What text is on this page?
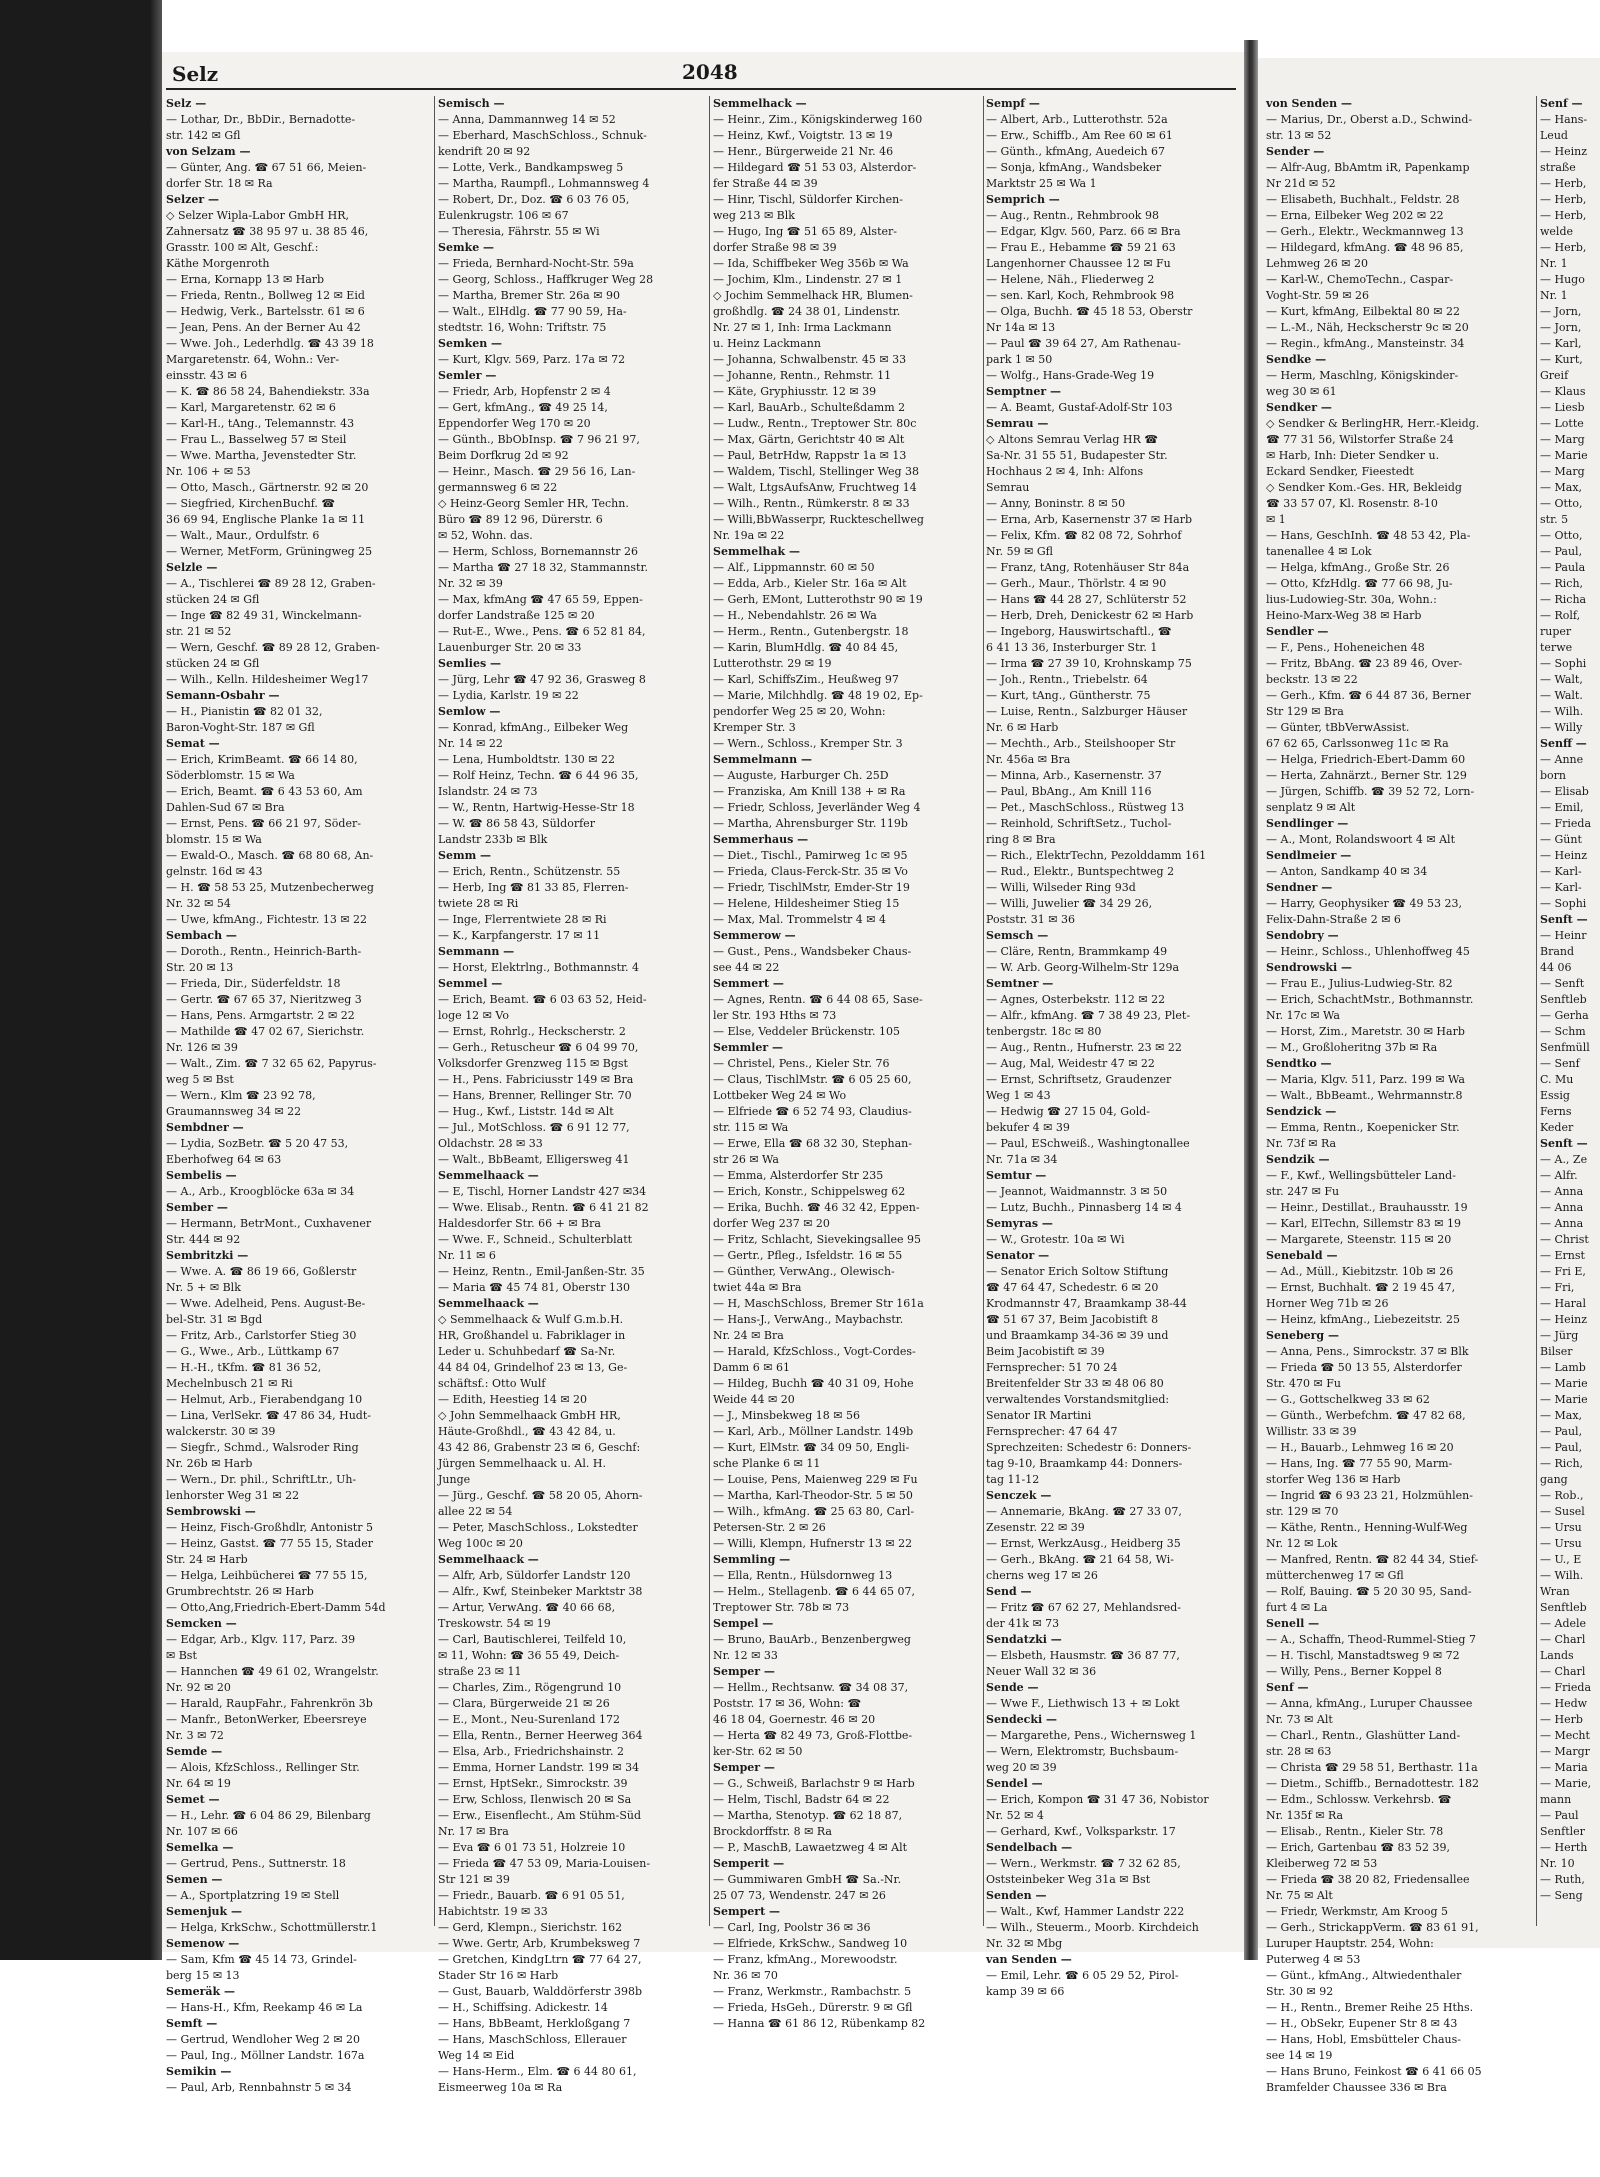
Selz	2048
Selz —
— Lothar, Dr., BbDir., Bernadotte-
str. 142 ✉ Gfl
von Selzam —
— Günter, Ang. ☎ 67 51 66, Meien-
dorfer Str. 18 ✉ Ra
Selzer —
◇ Selzer Wipla-Labor GmbH HR,
Zahnersatz ☎ 38 95 97 u. 38 85 46,
Grasstr. 100 ✉ Alt, Geschf.:
Käthe Morgenroth
— Erna, Kornapp 13 ✉ Harb
— Frieda, Rentn., Bollweg 12 ✉ Eid
— Hedwig, Verk., Bartelsstr. 61 ✉ 6
— Jean, Pens. An der Berner Au 42
— Wwe. Joh., Lederhdlg. ☎ 43 39 18
Margaretenstr. 64, Wohn.: Ver-
einsstr. 43 ✉ 6
— K. ☎ 86 58 24, Bahendiekstr. 33a
— Karl, Margaretenstr. 62 ✉ 6
— Karl-H., tAng., Telemannstr. 43
— Frau L., Basselweg 57 ✉ Steil
— Wwe. Martha, Jevenstedter Str.
Nr. 106 + ✉ 53
— Otto, Masch., Gärtnerstr. 92 ✉ 20
— Siegfried, KirchenBuchf. ☎
36 69 94, Englische Planke 1a ✉ 11
— Walt., Maur., Ordulfstr. 6
— Werner, MetForm, Grüningweg 25
Selzle —
— A., Tischlerei ☎ 89 28 12, Graben-
stücken 24 ✉ Gfl
— Inge ☎ 82 49 31, Winckelmann-
str. 21 ✉ 52
— Wern, Geschf. ☎ 89 28 12, Graben-
stücken 24 ✉ Gfl
— Wilh., Kelln. Hildesheimer Weg17
Semann-Osbahr —
— H., Pianistin ☎ 82 01 32,
Baron-Voght-Str. 187 ✉ Gfl
Semat —
— Erich, KrimBeamt. ☎ 66 14 80,
Söderblomstr. 15 ✉ Wa
— Erich, Beamt. ☎ 6 43 53 60, Am
Dahlen-Sud 67 ✉ Bra
— Ernst, Pens. ☎ 66 21 97, Söder-
blomstr. 15 ✉ Wa
— Ewald-O., Masch. ☎ 68 80 68, An-
gelnstr. 16d ✉ 43
— H. ☎ 58 53 25, Mutzenbecherweg
Nr. 32 ✉ 54
— Uwe, kfmAng., Fichtestr. 13 ✉ 22
Sembach —
— Doroth., Rentn., Heinrich-Barth-
Str. 20 ✉ 13
— Frieda, Dir., Süderfeldstr. 18
— Gertr. ☎ 67 65 37, Nieritzweg 3
— Hans, Pens. Armgartstr. 2 ✉ 22
— Mathilde ☎ 47 02 67, Sierichstr.
Nr. 126 ✉ 39
— Walt., Zim. ☎ 7 32 65 62, Papyrus-
weg 5 ✉ Bst
— Wern., Klm ☎ 23 92 78,
Graumannsweg 34 ✉ 22
Sembdner —
— Lydia, SozBetr. ☎ 5 20 47 53,
Eberhofweg 64 ✉ 63
Sembelis —
— A., Arb., Kroogblöcke 63a ✉ 34
Sember —
— Hermann, BetrMont., Cuxhavener
Str. 444 ✉ 92
Sembritzki —
— Wwe. A. ☎ 86 19 66, Goßlerstr
Nr. 5 + ✉ Blk
— Wwe. Adelheid, Pens. August-Be-
bel-Str. 31 ✉ Bgd
— Fritz, Arb., Carlstorfer Stieg 30
— G., Wwe., Arb., Lüttkamp 67
— H.-H., tKfm. ☎ 81 36 52,
Mechelnbusch 21 ✉ Ri
— Helmut, Arb., Fierabendgang 10
— Lina, VerlSekr. ☎ 47 86 34, Hudt-
walckerstr. 30 ✉ 39
— Siegfr., Schmd., Walsroder Ring
Nr. 26b ✉ Harb
— Wern., Dr. phil., SchriftLtr., Uh-
lenhorster Weg 31 ✉ 22
Sembrowski —
— Heinz, Fisch-Großhdlr, Antonistr 5
— Heinz, Gastst. ☎ 77 55 15, Stader
Str. 24 ✉ Harb
— Helga, Leihbücherei ☎ 77 55 15,
Grumbrechtstr. 26 ✉ Harb
— Otto,Ang,Friedrich-Ebert-Damm 54d
Semcken —
— Edgar, Arb., Klgv. 117, Parz. 39
✉ Bst
— Hannchen ☎ 49 61 02, Wrangelstr.
Nr. 92 ✉ 20
— Harald, RaupFahr., Fahrenkrön 3b
— Manfr., BetonWerker, Ebeersreye
Nr. 3 ✉ 72
Semde —
— Alois, KfzSchloss., Rellinger Str.
Nr. 64 ✉ 19
Semet —
— H., Lehr. ☎ 6 04 86 29, Bilenbarg
Nr. 107 ✉ 66
Semelka —
— Gertrud, Pens., Suttnerstr. 18
Semen —
— A., Sportplatzring 19 ✉ Stell
Semenjuk —
— Helga, KrkSchw., Schottmüllerstr.1
Semenow —
— Sam, Kfm ☎ 45 14 73, Grindel-
berg 15 ✉ 13
Semeräk —
— Hans-H., Kfm, Reekamp 46 ✉ La
Semft —
— Gertrud, Wendloher Weg 2 ✉ 20
— Paul, Ing., Möllner Landstr. 167a
Semikin —
— Paul, Arb, Rennbahnstr 5 ✉ 34
Semisch —
— Anna, Dammannweg 14 ✉ 52
— Eberhard, MaschSchloss., Schnuk-
kendrift 20 ✉ 92
— Lotte, Verk., Bandkampsweg 5
— Martha, Raumpfl., Lohmannsweg 4
— Robert, Dr., Doz. ☎ 6 03 76 05,
Eulenkrugstr. 106 ✉ 67
— Theresia, Fährstr. 55 ✉ Wi
Semke —
— Frieda, Bernhard-Nocht-Str. 59a
— Georg, Schloss., Haffkruger Weg 28
— Martha, Bremer Str. 26a ✉ 90
— Walt., ElHdlg. ☎ 77 90 59, Ha-
stedtstr. 16, Wohn: Triftstr. 75
Semken —
— Kurt, Klgv. 569, Parz. 17a ✉ 72
Semler —
— Friedr, Arb, Hopfenstr 2 ✉ 4
— Gert, kfmAng., ☎ 49 25 14,
Eppendorfer Weg 170 ✉ 20
— Günth., BbObInsp. ☎ 7 96 21 97,
Beim Dorfkrug 2d ✉ 92
— Heinr., Masch. ☎ 29 56 16, Lan-
germannsweg 6 ✉ 22
◇ Heinz-Georg Semler HR, Techn.
Büro ☎ 89 12 96, Dürerstr. 6
✉ 52, Wohn. das.
— Herm, Schloss, Bornemannstr 26
— Martha ☎ 27 18 32, Stammannstr.
Nr. 32 ✉ 39
— Max, kfmAng ☎ 47 65 59, Eppen-
dorfer Landstraße 125 ✉ 20
— Rut-E., Wwe., Pens. ☎ 6 52 81 84,
Lauenburger Str. 20 ✉ 33
Semlies —
— Jürg, Lehr ☎ 47 92 36, Grasweg 8
— Lydia, Karlstr. 19 ✉ 22
Semlow —
— Konrad, kfmAng., Eilbeker Weg
Nr. 14 ✉ 22
— Lena, Humboldtstr. 130 ✉ 22
— Rolf Heinz, Techn. ☎ 6 44 96 35,
Islandstr. 24 ✉ 73
— W., Rentn, Hartwig-Hesse-Str 18
— W. ☎ 86 58 43, Süldorfer
Landstr 233b ✉ Blk
Semm —
— Erich, Rentn., Schützenstr. 55
— Herb, Ing ☎ 81 33 85, Flerren-
twiete 28 ✉ Ri
— Inge, Flerrentwiete 28 ✉ Ri
— K., Karpfangerstr. 17 ✉ 11
Semmann —
— Horst, Elektrlng., Bothmannstr. 4
Semmel —
— Erich, Beamt. ☎ 6 03 63 52, Heid-
loge 12 ✉ Vo
— Ernst, Rohrlg., Heckscherstr. 2
— Gerh., Retuscheur ☎ 6 04 99 70,
Volksdorfer Grenzweg 115 ✉ Bgst
— H., Pens. Fabriciusstr 149 ✉ Bra
— Hans, Brenner, Rellinger Str. 70
— Hug., Kwf., Liststr. 14d ✉ Alt
— Jul., MotSchloss. ☎ 6 91 12 77,
Oldachstr. 28 ✉ 33
— Walt., BbBeamt, Elligersweg 41
Semmelhaack —
— E, Tischl, Horner Landstr 427 ✉34
— Wwe. Elisab., Rentn. ☎ 6 41 21 82
Haldesdorfer Str. 66 + ✉ Bra
— Wwe. F., Schneid., Schulterblatt
Nr. 11 ✉ 6
— Heinz, Rentn., Emil-Janßen-Str. 35
— Maria ☎ 45 74 81, Oberstr 130
Semmelhaack —
◇ Semmelhaack & Wulf G.m.b.H.
HR, Großhandel u. Fabriklager in
Leder u. Schuhbedarf ☎ Sa-Nr.
44 84 04, Grindelhof 23 ✉ 13, Ge-
schäftsf.: Otto Wulf
— Edith, Heestieg 14 ✉ 20
◇ John Semmelhaack GmbH HR,
Häute-Großhdl., ☎ 43 42 84, u.
43 42 86, Grabenstr 23 ✉ 6, Geschf:
Jürgen Semmelhaack u. Al. H.
Junge
— Jürg., Geschf. ☎ 58 20 05, Ahorn-
allee 22 ✉ 54
— Peter, MaschSchloss., Lokstedter
Weg 100c ✉ 20
Semmelhaack —
— Alfr, Arb, Süldorfer Landstr 120
— Alfr., Kwf, Steinbeker Marktstr 38
— Artur, VerwAng. ☎ 40 66 68,
Treskowstr. 54 ✉ 19
— Carl, Bautischlerei, Teilfeld 10,
✉ 11, Wohn: ☎ 36 55 49, Deich-
straße 23 ✉ 11
— Charles, Zim., Rögengrund 10
— Clara, Bürgerweide 21 ✉ 26
— E., Mont., Neu-Surenland 172
— Ella, Rentn., Berner Heerweg 364
— Elsa, Arb., Friedrichshainstr. 2
— Emma, Horner Landstr. 199 ✉ 34
— Ernst, HptSekr., Simrockstr. 39
— Erw, Schloss, Ilenwisch 20 ✉ Sa
— Erw., Eisenflecht., Am Stühm-Süd
Nr. 17 ✉ Bra
— Eva ☎ 6 01 73 51, Holzreie 10
— Frieda ☎ 47 53 09, Maria-Louisen-
Str 121 ✉ 39
— Friedr., Bauarb. ☎ 6 91 05 51,
Habichtstr. 19 ✉ 33
— Gerd, Klempn., Sierichstr. 162
— Wwe. Gertr, Arb, Krumbeksweg 7
— Gretchen, KindgLtrn ☎ 77 64 27,
Stader Str 16 ✉ Harb
— Gust, Bauarb, Walddörferstr 398b
— H., Schiffsing. Adickestr. 14
— Hans, BbBeamt, Herkloßgang 7
— Hans, MaschSchloss, Ellerauer
Weg 14 ✉ Eid
— Hans-Herm., Elm. ☎ 6 44 80 61,
Eismeerweg 10a ✉ Ra
Semmelhack —
— Heinr., Zim., Königskinderweg 160
— Heinz, Kwf., Voigtstr. 13 ✉ 19
— Henr., Bürgerweide 21 Nr. 46
— Hildegard ☎ 51 53 03, Alsterdor-
fer Straße 44 ✉ 39
— Hinr, Tischl, Süldorfer Kirchen-
weg 213 ✉ Blk
— Hugo, Ing ☎ 51 65 89, Alster-
dorfer Straße 98 ✉ 39
— Ida, Schiffbeker Weg 356b ✉ Wa
— Jochim, Klm., Lindenstr. 27 ✉ 1
◇ Jochim Semmelhack HR, Blumen-
großhdlg. ☎ 24 38 01, Lindenstr.
Nr. 27 ✉ 1, Inh: Irma Lackmann
u. Heinz Lackmann
— Johanna, Schwalbenstr. 45 ✉ 33
— Johanne, Rentn., Rehmstr. 11
— Käte, Gryphiusstr. 12 ✉ 39
— Karl, BauArb., Schulteßdamm 2
— Ludw., Rentn., Treptower Str. 80c
— Max, Gärtn, Gerichtstr 40 ✉ Alt
— Paul, BetrHdw, Rappstr 1a ✉ 13
— Waldem, Tischl, Stellinger Weg 38
— Walt, LtgsAufsAnw, Fruchtweg 14
— Wilh., Rentn., Rümkerstr. 8 ✉ 33
— Willi,BbWasserpr, Ruckteschellweg
Nr. 19a ✉ 22
Semmelhak —
— Alf., Lippmannstr. 60 ✉ 50
— Edda, Arb., Kieler Str. 16a ✉ Alt
— Gerh, EMont, Lutterothstr 90 ✉ 19
— H., Nebendahlstr. 26 ✉ Wa
— Herm., Rentn., Gutenbergstr. 18
— Karin, BlumHdlg. ☎ 40 84 45,
Lutterothstr. 29 ✉ 19
— Karl, SchiffsZim., Heußweg 97
— Marie, Milchhdlg. ☎ 48 19 02, Ep-
pendorfer Weg 25 ✉ 20, Wohn:
Kremper Str. 3
— Wern., Schloss., Kremper Str. 3
Semmelmann —
— Auguste, Harburger Ch. 25D
— Franziska, Am Knill 138 + ✉ Ra
— Friedr, Schloss, Jeverländer Weg 4
— Martha, Ahrensburger Str. 119b
Semmerhaus —
— Diet., Tischl., Pamirweg 1c ✉ 95
— Frieda, Claus-Ferck-Str. 35 ✉ Vo
— Friedr, TischlMstr, Emder-Str 19
— Helene, Hildesheimer Stieg 15
— Max, Mal. Trommelstr 4 ✉ 4
Semmerow —
— Gust., Pens., Wandsbeker Chaus-
see 44 ✉ 22
Semmert —
— Agnes, Rentn. ☎ 6 44 08 65, Sase-
ler Str. 193 Hths ✉ 73
— Else, Veddeler Brückenstr. 105
Semmler —
— Christel, Pens., Kieler Str. 76
— Claus, TischlMstr. ☎ 6 05 25 60,
Lottbeker Weg 24 ✉ Wo
— Elfriede ☎ 6 52 74 93, Claudius-
str. 115 ✉ Wa
— Erwe, Ella ☎ 68 32 30, Stephan-
str 26 ✉ Wa
— Emma, Alsterdorfer Str 235
— Erich, Konstr., Schippelsweg 62
— Erika, Buchh. ☎ 46 32 42, Eppen-
dorfer Weg 237 ✉ 20
— Fritz, Schlacht, Sievekingsallee 95
— Gertr., Pfleg., Isfeldstr. 16 ✉ 55
— Günther, VerwAng., Olewisch-
twiet 44a ✉ Bra
— H, MaschSchloss, Bremer Str 161a
— Hans-J., VerwAng., Maybachstr.
Nr. 24 ✉ Bra
— Harald, KfzSchloss., Vogt-Cordes-
Damm 6 ✉ 61
— Hildeg, Buchh ☎ 40 31 09, Hohe
Weide 44 ✉ 20
— J., Minsbekweg 18 ✉ 56
— Karl, Arb., Möllner Landstr. 149b
— Kurt, ElMstr. ☎ 34 09 50, Engli-
sche Planke 6 ✉ 11
— Louise, Pens, Maienweg 229 ✉ Fu
— Martha, Karl-Theodor-Str. 5 ✉ 50
— Wilh., kfmAng. ☎ 25 63 80, Carl-
Petersen-Str. 2 ✉ 26
— Willi, Klempn, Hufnerstr 13 ✉ 22
Semmling —
— Ella, Rentn., Hülsdornweg 13
— Helm., Stellagenb. ☎ 6 44 65 07,
Treptower Str. 78b ✉ 73
Sempel —
— Bruno, BauArb., Benzenbergweg
Nr. 12 ✉ 33
Semper —
— Hellm., Rechtsanw. ☎ 34 08 37,
Poststr. 17 ✉ 36, Wohn: ☎
46 18 04, Goernestr. 46 ✉ 20
— Herta ☎ 82 49 73, Groß-Flottbe-
ker-Str. 62 ✉ 50
Semper —
— G., Schweiß, Barlachstr 9 ✉ Harb
— Helm, Tischl, Badstr 64 ✉ 22
— Martha, Stenotyp. ☎ 62 18 87,
Brockdorffstr. 8 ✉ Ra
— P., MaschB, Lawaetzweg 4 ✉ Alt
Semperit —
— Gummiwaren GmbH ☎ Sa.-Nr.
25 07 73, Wendenstr. 247 ✉ 26
Sempert —
— Carl, Ing, Poolstr 36 ✉ 36
— Elfriede, KrkSchw., Sandweg 10
— Franz, kfmAng., Morewoodstr.
Nr. 36 ✉ 70
— Franz, Werkmstr., Rambachstr. 5
— Frieda, HsGeh., Dürerstr. 9 ✉ Gfl
— Hanna ☎ 61 86 12, Rübenkamp 82
Sempf —
— Albert, Arb., Lutterothstr. 52a
— Erw., Schiffb., Am Ree 60 ✉ 61
— Günth., kfmAng, Auedeich 67
— Sonja, kfmAng., Wandsbeker
Marktstr 25 ✉ Wa 1
Semprich —
— Aug., Rentn., Rehmbrook 98
— Edgar, Klgv. 560, Parz. 66 ✉ Bra
— Frau E., Hebamme ☎ 59 21 63
Langenhorner Chaussee 12 ✉ Fu
— Helene, Näh., Fliederweg 2
— sen. Karl, Koch, Rehmbrook 98
— Olga, Buchh. ☎ 45 18 53, Oberstr
Nr 14a ✉ 13
— Paul ☎ 39 64 27, Am Rathenau-
park 1 ✉ 50
— Wolfg., Hans-Grade-Weg 19
Semptner —
— A. Beamt, Gustaf-Adolf-Str 103
Semrau —
◇ Altons Semrau Verlag HR ☎
Sa-Nr. 31 55 51, Budapester Str.
Hochhaus 2 ✉ 4, Inh: Alfons
Semrau
— Anny, Boninstr. 8 ✉ 50
— Erna, Arb, Kasernenstr 37 ✉ Harb
— Felix, Kfm. ☎ 82 08 72, Sohrhof
Nr. 59 ✉ Gfl
— Franz, tAng, Rotenhäuser Str 84a
— Gerh., Maur., Thörlstr. 4 ✉ 90
— Hans ☎ 44 28 27, Schlüterstr 52
— Herb, Dreh, Denickestr 62 ✉ Harb
— Ingeborg, Hauswirtschaftl., ☎
6 41 13 36, Insterburger Str. 1
— Irma ☎ 27 39 10, Krohnskamp 75
— Joh., Rentn., Triebelstr. 64
— Kurt, tAng., Güntherstr. 75
— Luise, Rentn., Salzburger Häuser
Nr. 6 ✉ Harb
— Mechth., Arb., Steilshooper Str
Nr. 456a ✉ Bra
— Minna, Arb., Kasernenstr. 37
— Paul, BbAng., Am Knill 116
— Pet., MaschSchloss., Rüstweg 13
— Reinhold, SchriftSetz., Tuchol-
ring 8 ✉ Bra
— Rich., ElektrTechn, Pezolddamm 161
— Rud., Elektr., Buntspechtweg 2
— Willi, Wilseder Ring 93d
— Willi, Juwelier ☎ 34 29 26,
Poststr. 31 ✉ 36
Semsch —
— Cläre, Rentn, Brammkamp 49
— W. Arb. Georg-Wilhelm-Str 129a
Semtner —
— Agnes, Osterbekstr. 112 ✉ 22
— Alfr., kfmAng. ☎ 7 38 49 23, Plet-
tenbergstr. 18c ✉ 80
— Aug., Rentn., Hufnerstr. 23 ✉ 22
— Aug, Mal, Weidestr 47 ✉ 22
— Ernst, Schriftsetz, Graudenzer
Weg 1 ✉ 43
— Hedwig ☎ 27 15 04, Gold-
bekufer 4 ✉ 39
— Paul, ESchweiß., Washingtonallee
Nr. 71a ✉ 34
Semtur —
— Jeannot, Waidmannstr. 3 ✉ 50
— Lutz, Buchh., Pinnasberg 14 ✉ 4
Semyras —
— W., Grotestr. 10a ✉ Wi
Senator —
— Senator Erich Soltow Stiftung
☎ 47 64 47, Schedestr. 6 ✉ 20
Krodmannstr 47, Braamkamp 38-44
☎ 51 67 37, Beim Jacobistift 8
und Braamkamp 34-36 ✉ 39 und
Beim Jacobistift ✉ 39
Fernsprecher: 51 70 24
Breitenfelder Str 33 ✉ 48 06 80
verwaltendes Vorstandsmitglied:
Senator IR Martini
Fernsprecher: 47 64 47
Sprechzeiten: Schedestr 6: Donners-
tag 9-10, Braamkamp 44: Donners-
tag 11-12
Senczek —
— Annemarie, BkAng. ☎ 27 33 07,
Zesenstr. 22 ✉ 39
— Ernst, WerkzAusg., Heidberg 35
— Gerh., BkAng. ☎ 21 64 58, Wi-
cherns weg 17 ✉ 26
Send —
— Fritz ☎ 67 62 27, Mehlandsred-
der 41k ✉ 73
Sendatzki —
— Elsbeth, Hausmstr. ☎ 36 87 77,
Neuer Wall 32 ✉ 36
Sende —
— Wwe F., Liethwisch 13 + ✉ Lokt
Sendecki —
— Margarethe, Pens., Wichernsweg 1
— Wern, Elektromstr, Buchsbaum-
weg 20 ✉ 39
Sendel —
— Erich, Kompon ☎ 31 47 36, Nobistor
Nr. 52 ✉ 4
— Gerhard, Kwf., Volksparkstr. 17
Sendelbach —
— Wern., Werkmstr. ☎ 7 32 62 85,
Oststeinbeker Weg 31a ✉ Bst
Senden —
— Walt., Kwf, Hammer Landstr 222
— Wilh., Steuerm., Moorb. Kirchdeich
Nr. 32 ✉ Mbg
van Senden —
— Emil, Lehr. ☎ 6 05 29 52, Pirol-
kamp 39 ✉ 66
von Senden —
— Marius, Dr., Oberst a.D., Schwind-
str. 13 ✉ 52
Sender —
— Alfr-Aug, BbAmtm iR, Papenkamp
Nr 21d ✉ 52
— Elisabeth, Buchhalt., Feldstr. 28
— Erna, Eilbeker Weg 202 ✉ 22
— Gerh., Elektr., Weckmannweg 13
— Hildegard, kfmAng. ☎ 48 96 85,
Lehmweg 26 ✉ 20
— Karl-W., ChemoTechn., Caspar-
Voght-Str. 59 ✉ 26
— Kurt, kfmAng, Eilbektal 80 ✉ 22
— L.-M., Näh, Heckscherstr 9c ✉ 20
— Regin., kfmAng., Mansteinstr. 34
Sendke —
— Herm, Maschlng, Königskinder-
weg 30 ✉ 61
Sendker —
◇ Sendker & BerlingHR, Herr.-Kleidg.
☎ 77 31 56, Wilstorfer Straße 24
✉ Harb, Inh: Dieter Sendker u.
Eckard Sendker, Fieestedt
◇ Sendker Kom.-Ges. HR, Bekleidg
☎ 33 57 07, Kl. Rosenstr. 8-10
✉ 1
— Hans, GeschInh. ☎ 48 53 42, Pla-
tanenallee 4 ✉ Lok
— Helga, kfmAng., Große Str. 26
— Otto, KfzHdlg. ☎ 77 66 98, Ju-
lius-Ludowieg-Str. 30a, Wohn.:
Heino-Marx-Weg 38 ✉ Harb
Sendler —
— F., Pens., Hoheneichen 48
— Fritz, BbAng. ☎ 23 89 46, Over-
beckstr. 13 ✉ 22
— Gerh., Kfm. ☎ 6 44 87 36, Berner
Str 129 ✉ Bra
— Günter, tBbVerwAssist.
67 62 65, Carlssonweg 11c ✉ Ra
— Helga, Friedrich-Ebert-Damm 60
— Herta, Zahnärzt., Berner Str. 129
— Jürgen, Schiffb. ☎ 39 52 72, Lorn-
senplatz 9 ✉ Alt
Sendlinger —
— A., Mont, Rolandswoort 4 ✉ Alt
Sendlmeier —
— Anton, Sandkamp 40 ✉ 34
Sendner —
— Harry, Geophysiker ☎ 49 53 23,
Felix-Dahn-Straße 2 ✉ 6
Sendobry —
— Heinr., Schloss., Uhlenhoffweg 45
Sendrowski —
— Frau E., Julius-Ludwieg-Str. 82
— Erich, SchachtMstr., Bothmannstr.
Nr. 17c ✉ Wa
— Horst, Zim., Maretstr. 30 ✉ Harb
— M., Großloheritng 37b ✉ Ra
Sendtko —
— Maria, Klgv. 511, Parz. 199 ✉ Wa
— Walt., BbBeamt., Wehrmannstr.8
Sendzick —
— Emma, Rentn., Koepenicker Str.
Nr. 73f ✉ Ra
Sendzik —
— F., Kwf., Wellingsbütteler Land-
str. 247 ✉ Fu
— Heinr., Destillat., Brauhausstr. 19
— Karl, ElTechn, Sillemstr 83 ✉ 19
— Margarete, Steenstr. 115 ✉ 20
Senebald —
— Ad., Müll., Kiebitzstr. 10b ✉ 26
— Ernst, Buchhalt. ☎ 2 19 45 47,
Horner Weg 71b ✉ 26
— Heinz, kfmAng., Liebezeitstr. 25
Seneberg —
— Anna, Pens., Simrockstr. 37 ✉ Blk
— Frieda ☎ 50 13 55, Alsterdorfer
Str. 470 ✉ Fu
— G., Gottschelkweg 33 ✉ 62
— Günth., Werbefchm. ☎ 47 82 68,
Willistr. 33 ✉ 39
— H., Bauarb., Lehmweg 16 ✉ 20
— Hans, Ing. ☎ 77 55 90, Marm-
storfer Weg 136 ✉ Harb
— Ingrid ☎ 6 93 23 21, Holzmühlen-
str. 129 ✉ 70
— Käthe, Rentn., Henning-Wulf-Weg
Nr. 12 ✉ Lok
— Manfred, Rentn. ☎ 82 44 34, Stief-
mütterchenweg 17 ✉ Gfl
— Rolf, Bauing. ☎ 5 20 30 95, Sand-
furt 4 ✉ La
Senell —
— A., Schaffn, Theod-Rummel-Stieg 7
— H. Tischl, Manstadtsweg 9 ✉ 72
— Willy, Pens., Berner Koppel 8
Senf —
— Anna, kfmAng., Luruper Chaussee
Nr. 73 ✉ Alt
— Charl., Rentn., Glashütter Land-
str. 28 ✉ 63
— Christa ☎ 29 58 51, Berthastr. 11a
— Dietm., Schiffb., Bernadottestr. 182
— Edm., Schlossw. Verkehrsb. ☎
Nr. 135f ✉ Ra
— Elisab., Rentn., Kieler Str. 78
— Erich, Gartenbau ☎ 83 52 39,
Kleiberweg 72 ✉ 53
— Frieda ☎ 38 20 82, Friedensallee
Nr. 75 ✉ Alt
— Friedr, Werkmstr, Am Kroog 5
— Gerh., StrickappVerm. ☎ 83 61 91,
Luruper Hauptstr. 254, Wohn:
Puterweg 4 ✉ 53
— Günt., kfmAng., Altwiedenthaler
Str. 30 ✉ 92
— H., Rentn., Bremer Reihe 25 Hths.
— H., ObSekr, Eupener Str 8 ✉ 43
— Hans, Hobl, Emsbütteler Chaus-
see 14 ✉ 19
— Hans Bruno, Feinkost ☎ 6 41 66 05
Bramfelder Chaussee 336 ✉ Bra
Senf —
— Hans-
Leud
— Heinz
straße
— Herb,
— Herb,
— Herb,
welde
— Herb,
Nr. 1
— Hugo
Nr. 1
— Jorn,
— Jorn,
— Karl,
— Kurt,
Greif
— Klaus
— Liesb
— Lotte
— Marg
— Marie
— Marg
— Max,
— Otto,
str. 5
— Otto,
— Paul,
— Paula
— Rich,
— Richa
— Rolf,
ruper
terwe
— Sophi
— Walt,
— Walt.
— Wilh.
— Willy
Senff —
— Anne
born
— Elisab
— Emil,
— Frieda
— Günt
— Heinz
— Karl-
— Karl-
— Sophi
Senft —
— Heinr
Brand
44 06
— Senft
Senftleb
— Gerha
— Schm
Senfmüll
— Senf
C. Mu
Essig
Ferns
Keder
Senft —
— A., Ze
— Alfr.
— Anna
— Anna
— Anna
— Christ
— Ernst
— Fri E,
— Fri,
— Haral
— Heinz
— Jürg
Bilser
— Lamb
— Marie
— Marie
— Max,
— Paul,
— Paul,
— Rich,
gang
— Rob.,
— Susel
— Ursu
— Ursu
— U., E
— Wilh.
Wran
Senftleb
— Adele
— Charl
Lands
— Charl
— Frieda
— Hedw
— Herb
— Mecht
— Margr
— Maria
— Marie,
mann
— Paul
Senftler
— Herth
Nr. 10
— Ruth,
— Seng
